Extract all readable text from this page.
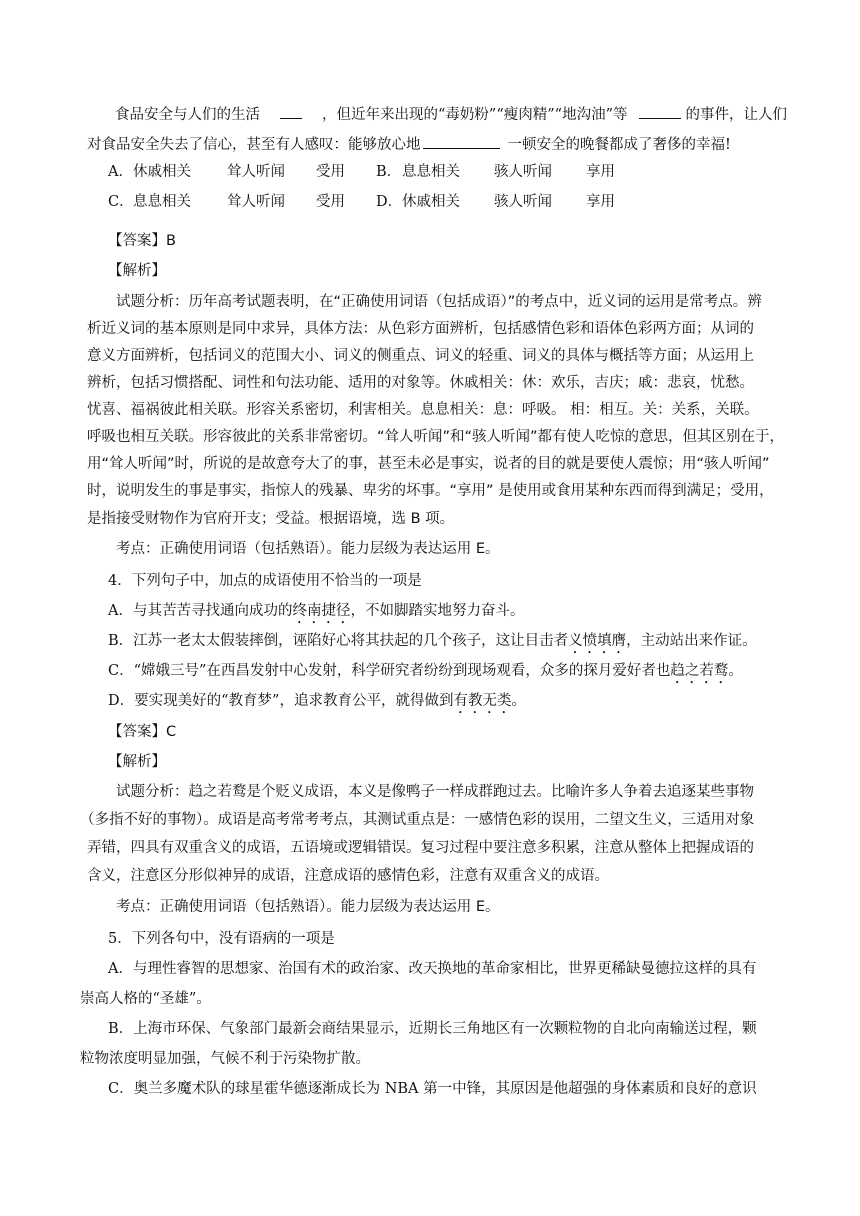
食品安全与人们的生活	，但近年来出现的“毒奶粉”“瘦肉精”“地沟油”等	的事件，让人们
对食品安全失去了信心，甚至有人感叹：能够放心地	一顿安全的晚餐都成了奢侈的幸福!
A． 休戚相关 耸人听闻 受用 B． 息息相关 骇人听闻 享用
C． 息息相关 耸人听闻 受用 D． 休戚相关 骇人听闻 享用
【答案】B
【解析】
试题分析：历年高考试题表明，在“正确使用词语（包括成语）”的考点中，近义词的运用是常考点。辨
析近义词的基本原则是同中求异，具体方法：从色彩方面辨析，包括感情色彩和语体色彩两方面；从词的
意义方面辨析，包括词义的范围大小、词义的侧重点、词义的轻重、词义的具体与概括等方面；从运用上
辨析，包括习惯搭配、词性和句法功能、适用的对象等。休戚相关：休：欢乐，吉庆；戚：悲哀，忧愁。
忧喜、福祸彼此相关联。形容关系密切，利害相关。息息相关：息：呼吸。 相：相互。关：关系，关联。
呼吸也相互关联。形容彼此的关系非常密切。“耸人听闻”和“骇人听闻”都有使人吃惊的意思，但其区别在于，
用“耸人听闻”时，所说的是故意夸大了的事，甚至未必是事实，说者的目的就是要使人震惊；用“骇人听闻”
时，说明发生的事是事实，指惊人的残暴、卑劣的坏事。“享用” 是使用或食用某种东西而得到满足；受用，
是指接受财物作为官府开支；受益。根据语境，选 B 项。
考点：正确使用词语（包括熟语）。能力层级为表达运用 E。
4．下列句子中，加点的成语使用不恰当的一项是
A．与其苦苦寻找通向成功的终南捷径，不如脚踏实地努力奋斗。
B．江苏一老太太假装摔倒，诬陷好心将其扶起的几个孩子，这让目击者义愤填膺，主动站出来作证。
C．“嫦娥三号”在西昌发射中心发射，科学研究者纷纷到现场观看，众多的探月爱好者也趋之若鹜。
D．要实现美好的“教育梦”，追求教育公平，就得做到有教无类。
【答案】C
【解析】
试题分析：趋之若鹜是个贬义成语，本义是像鸭子一样成群跑过去。比喻许多人争着去追逐某些事物
（多指不好的事物）。成语是高考常考考点，其测试重点是：一感情色彩的误用，二望文生义，三适用对象
弄错，四具有双重含义的成语，五语境或逻辑错误。复习过程中要注意多积累，注意从整体上把握成语的
含义，注意区分形似神异的成语，注意成语的感情色彩，注意有双重含义的成语。
考点：正确使用词语（包括熟语）。能力层级为表达运用 E。
5．下列各句中，没有语病的一项是
A．与理性睿智的思想家、治国有术的政治家、改天换地的革命家相比，世界更稀缺曼德拉这样的具有
崇高人格的“圣雄”。
B．上海市环保、气象部门最新会商结果显示，近期长三角地区有一次颗粒物的自北向南输送过程，颗
粒物浓度明显加强，气候不利于污染物扩散。
C．奥兰多魔术队的球星霍华德逐渐成长为 NBA 第一中锋，其原因是他超强的身体素质和良好的意识
